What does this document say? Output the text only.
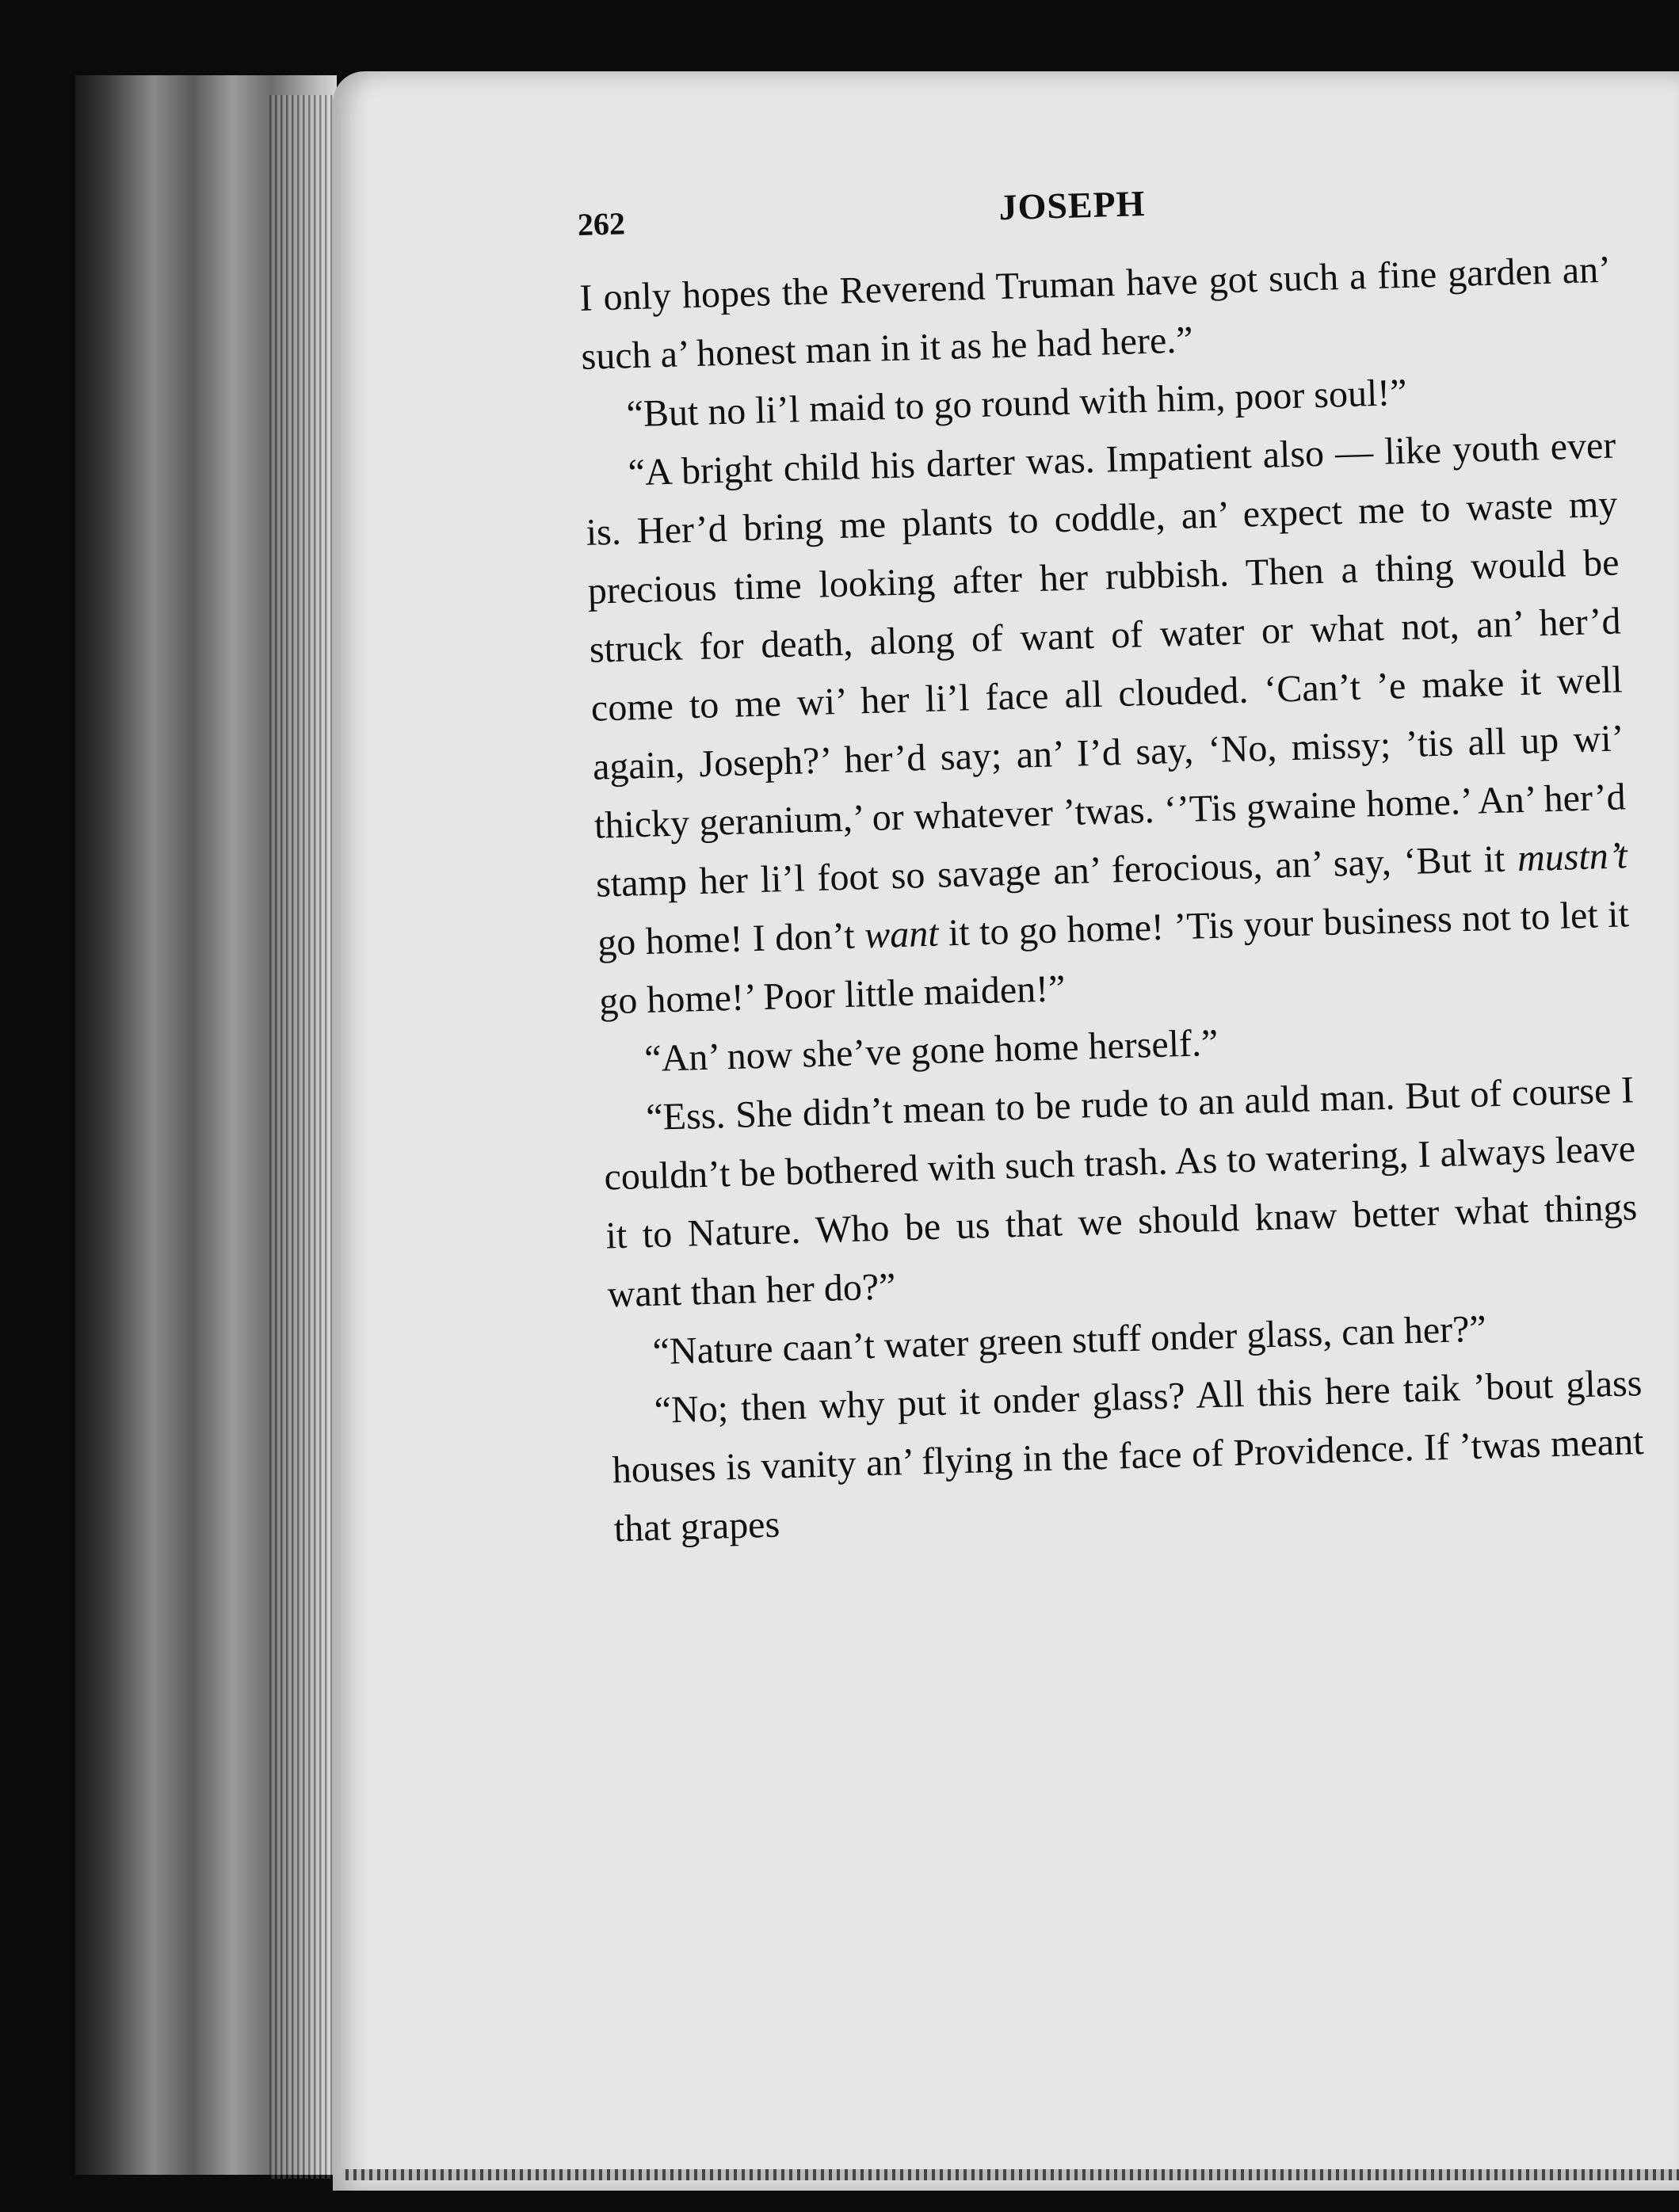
262	JOSEPH

I only hopes the Reverend Truman have got such a fine garden an’ such a’ honest man in it as he had here.”

“But no li’l maid to go round with him, poor soul!”

“A bright child his darter was. Impatient also — like youth ever is. Her’d bring me plants to coddle, an’ expect me to waste my precious time looking after her rubbish. Then a thing would be struck for death, along of want of water or what not, an’ her’d come to me wi’ her li’l face all clouded. ‘Can’t ’e make it well again, Joseph?’ her’d say; an’ I’d say, ‘No, missy; ’tis all up wi’ thicky geranium,’ or whatever ’twas. ‘’Tis gwaine home.’ An’ her’d stamp her li’l foot so savage an’ ferocious, an’ say, ‘But it mustn’t go home! I don’t want it to go home! ’Tis your business not to let it go home!’ Poor little maiden!”

“An’ now she’ve gone home herself.”

“Ess. She didn’t mean to be rude to an auld man. But of course I couldn’t be bothered with such trash. As to watering, I always leave it to Nature. Who be us that we should knaw better what things want than her do?”

“Nature caan’t water green stuff onder glass, can her?”

“No; then why put it onder glass? All this here taik ’bout glass houses is vanity an’ flying in the face of Providence. If ’twas meant that grapes
